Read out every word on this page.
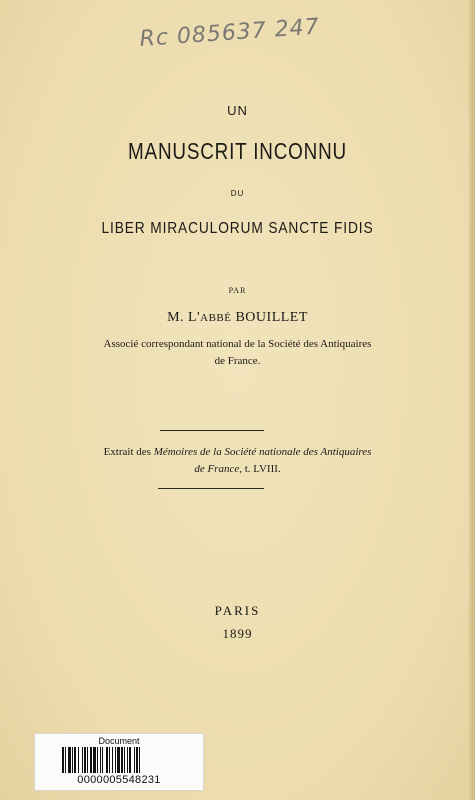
Rc 085637 247
UN
MANUSCRIT INCONNU
DU
LIBER MIRACULORUM SANCTE FIDIS
PAR
M. L'ABBÉ BOUILLET
Associé correspondant national de la Société des Antiquaires
de France.
Extrait des Mémoires de la Société nationale des Antiquaires
de France, t. LVIII.
PARIS
1899
Document
0000005548231
